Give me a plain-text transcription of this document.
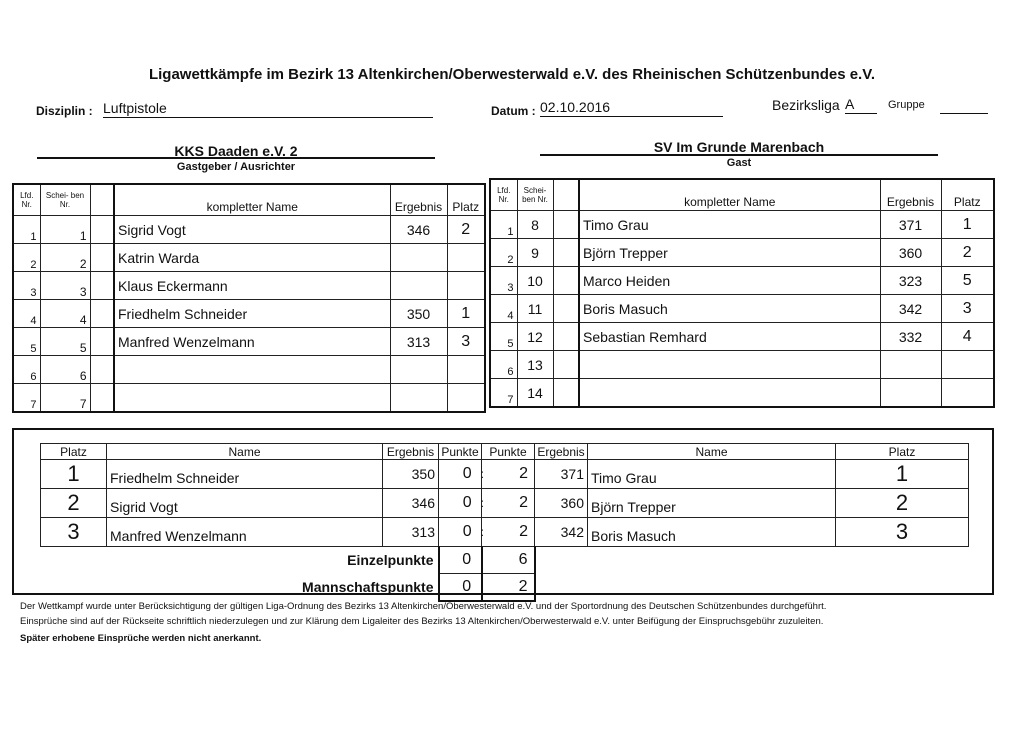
Ligawettkämpfe im Bezirk 13 Altenkirchen/Oberwesterwald e.V. des Rheinischen Schützenbundes e.V.
Disziplin : Luftpistole	Datum : 02.10.2016	Bezirksliga A	Gruppe
KKS Daaden e.V. 2
Gastgeber / Ausrichter
SV Im Grunde Marenbach
Gast
Lfd. Nr.	Schei- ben Nr.		kompletter Name	Ergebnis	Platz
1	1		Sigrid Vogt	346	2
2	2		Katrin Warda		
3	3		Klaus Eckermann		
4	4		Friedhelm Schneider	350	1
5	5		Manfred Wenzelmann	313	3
6	6				
7	7				
Lfd. Nr.	Schei- ben Nr.		kompletter Name	Ergebnis	Platz
1	8		Timo Grau	371	1
2	9		Björn Trepper	360	2
3	10		Marco Heiden	323	5
4	11		Boris Masuch	342	3
5	12		Sebastian Remhard	332	4
6	13				
7	14				
Platz	Name	Ergebnis	Punkte	Punkte	Ergebnis	Name	Platz
1	Friedhelm Schneider	350	0 :	2	371	Timo Grau	1
2	Sigrid Vogt	346	0 :	2	360	Björn Trepper	2
3	Manfred Wenzelmann	313	0 :	2	342	Boris Masuch	3
	Einzelpunkte		0 :	6			
	Mannschaftspunkte		0 :	2			
Der Wettkampf wurde unter Berücksichtigung der gültigen Liga-Ordnung des Bezirks 13 Altenkirchen/Oberwesterwald e.V. und der Sportordnung des Deutschen Schützenbundes durchgeführt.
Einsprüche sind auf der Rückseite schriftlich niederzulegen und zur Klärung dem Ligaleiter des Bezirks 13 Altenkirchen/Oberwesterwald e.V. unter Beifügung der Einspruchsgebühr zuzuleiten.
Später erhobene Einsprüche werden nicht anerkannt.
